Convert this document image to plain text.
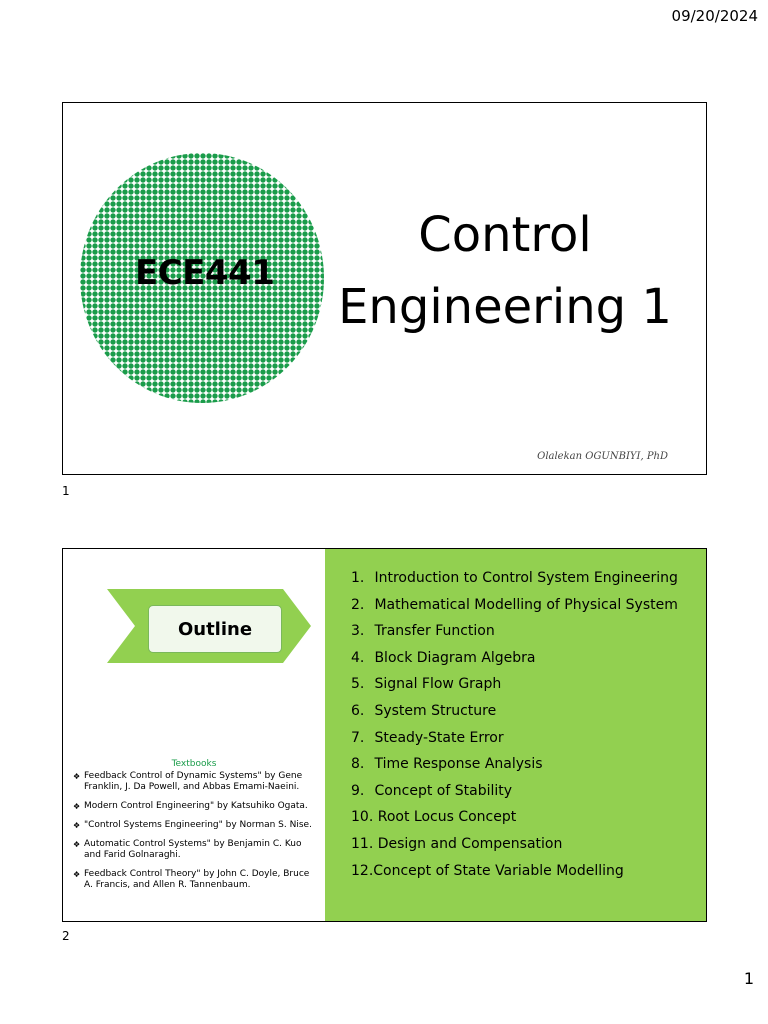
09/20/2024
ECE441
Control
Engineering 1
Olalekan OGUNBIYI, PhD
1
Outline
Textbooks
❖ Feedback Control of Dynamic Systems" by Gene Franklin, J. Da Powell, and Abbas Emami-Naeini.
❖ Modern Control Engineering" by Katsuhiko Ogata.
❖ "Control Systems Engineering" by Norman S. Nise.
❖ Automatic Control Systems" by Benjamin C. Kuo and Farid Golnaraghi.
❖ Feedback Control Theory" by John C. Doyle, Bruce A. Francis, and Allen R. Tannenbaum.
1.
Introduction to Control System Engineering
2.
Mathematical Modelling of Physical System
3.
Transfer Function
4.
Block Diagram Algebra
5.
Signal Flow Graph
6.
System Structure
7.
Steady-State Error
8.
Time Response Analysis
9.
Concept of Stability
10.
Root Locus Concept
11.
Design and Compensation
12. Concept of State Variable Modelling
2
1
